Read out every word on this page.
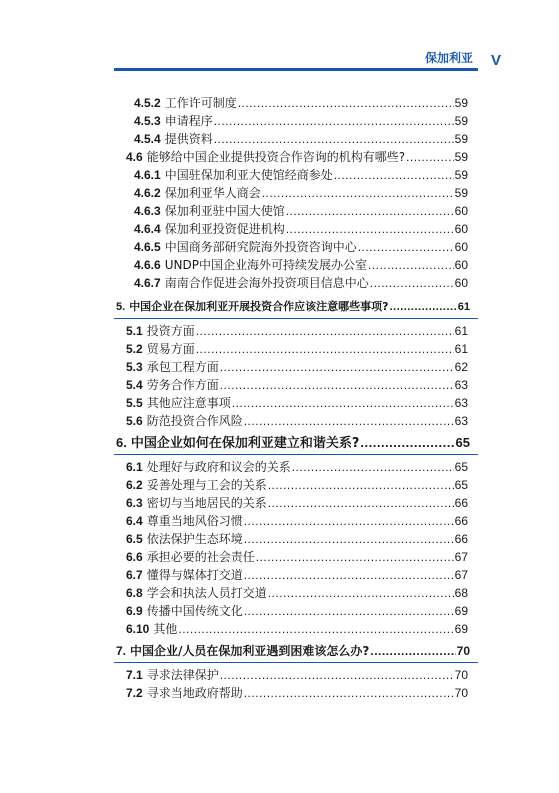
保加利亚 V
4.5.2 工作许可制度 .....	59
4.5.3 申请程序 .....	59
4.5.4 提供资料 .....	59
4.6 能够给中国企业提供投资合作咨询的机构有哪些? .....	59
4.6.1 中国驻保加利亚大使馆经商参处 .....	59
4.6.2 保加利亚华人商会 .....	59
4.6.3 保加利亚驻中国大使馆 .....	60
4.6.4 保加利亚投资促进机构 .....	60
4.6.5 中国商务部研究院海外投资咨询中心 .....	60
4.6.6 UNDP中国企业海外可持续发展办公室 .....	60
4.6.7 南南合作促进会海外投资项目信息中心 .....	60
5. 中国企业在保加利亚开展投资合作应该注意哪些事项? .....	61
5.1 投资方面 .....	61
5.2 贸易方面 .....	61
5.3 承包工程方面 .....	62
5.4 劳务合作方面 .....	63
5.5 其他应注意事项 .....	63
5.6 防范投资合作风险 .....	63
6. 中国企业如何在保加利亚建立和谐关系? .....	65
6.1 处理好与政府和议会的关系 .....	65
6.2 妥善处理与工会的关系 .....	65
6.3 密切与当地居民的关系 .....	66
6.4 尊重当地风俗习惯 .....	66
6.5 依法保护生态环境 .....	66
6.6 承担必要的社会责任 .....	67
6.7 懂得与媒体打交道 .....	67
6.8 学会和执法人员打交道 .....	68
6.9 传播中国传统文化 .....	69
6.10 其他 .....	69
7. 中国企业/人员在保加利亚遇到困难该怎么办? .....	70
7.1 寻求法律保护 .....	70
7.2 寻求当地政府帮助 .....	70
